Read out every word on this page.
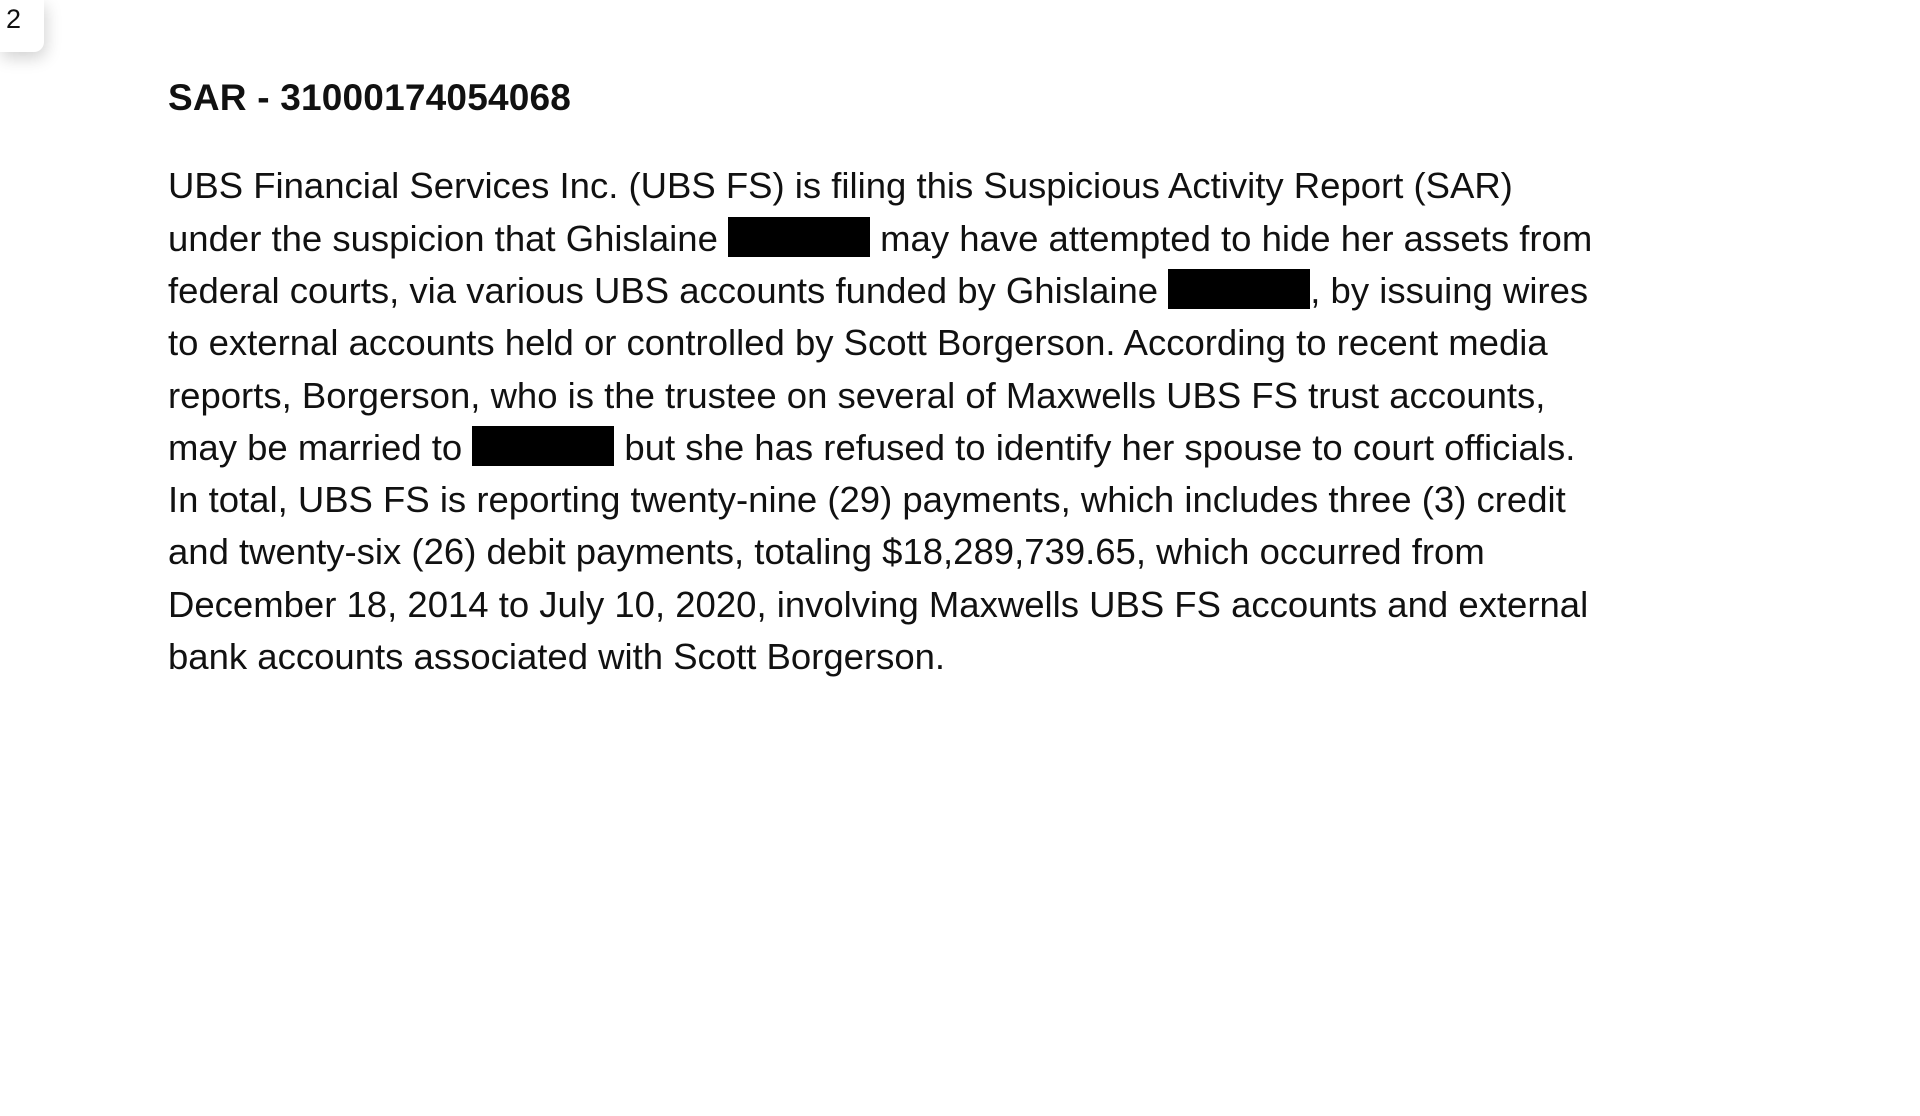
2
SAR - 31000174054068
UBS Financial Services Inc. (UBS FS) is filing this Suspicious Activity Report (SAR)
under the suspicion that Ghislaine	may have attempted to hide her assets from
federal courts, via various UBS accounts funded by Ghislaine	, by issuing wires
to external accounts held or controlled by Scott Borgerson. According to recent media
reports, Borgerson, who is the trustee on several of Maxwells UBS FS trust accounts,
may be married to	but she has refused to identify her spouse to court officials.
In total, UBS FS is reporting twenty-nine (29) payments, which includes three (3) credit
and twenty-six (26) debit payments, totaling $18,289,739.65, which occurred from
December 18, 2014 to July 10, 2020, involving Maxwells UBS FS accounts and external
bank accounts associated with Scott Borgerson.
